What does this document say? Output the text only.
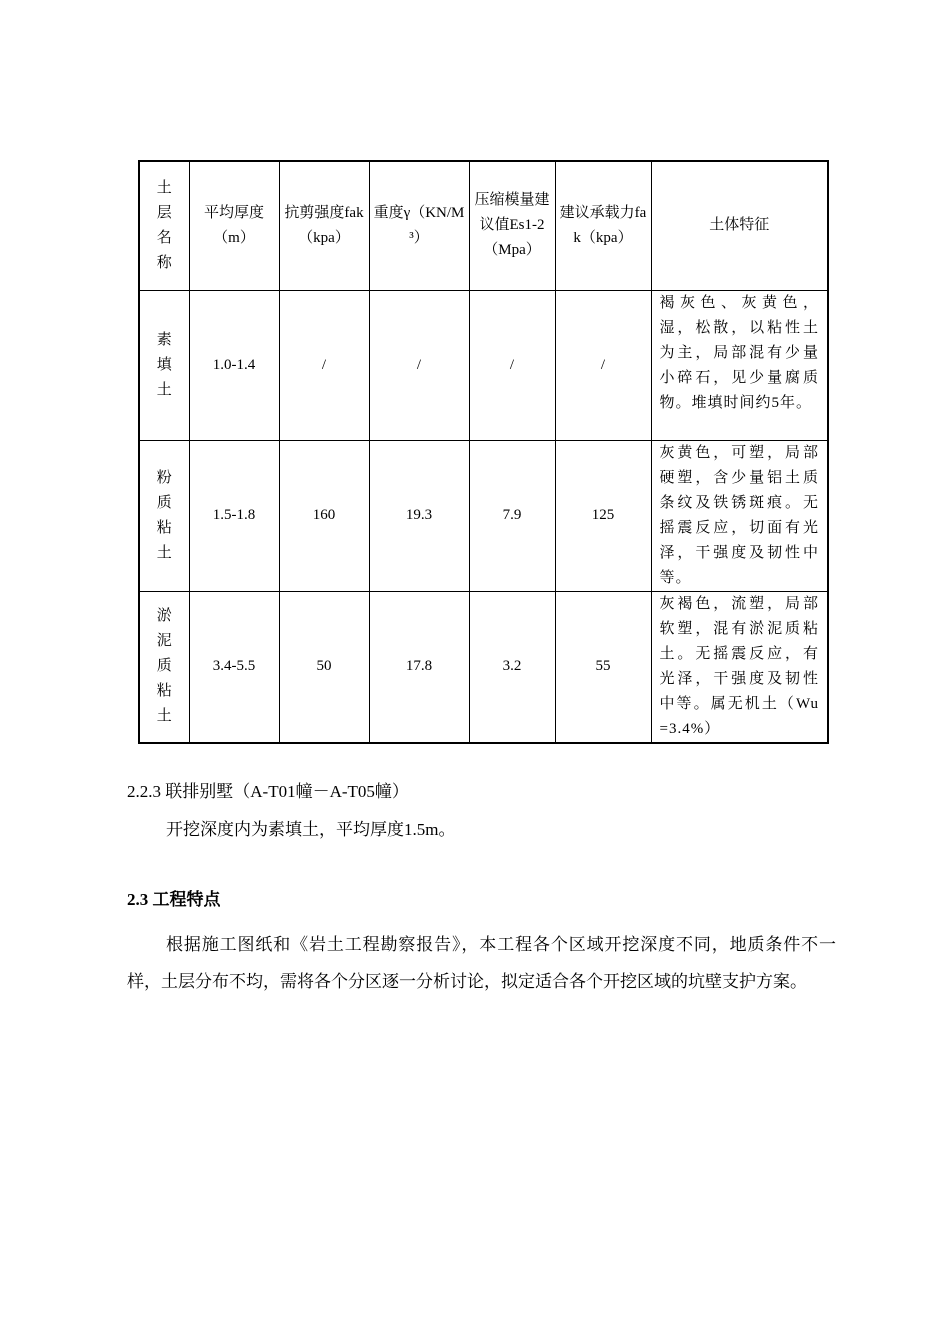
土层名称	平均厚度（m）	抗剪强度fak（kpa）	重度γ（KN/M³）	压缩模量建议值Es1-2（Mpa）	建议承载力fak（kpa）	土体特征
素填土	1.0-1.4	/	/	/	/	褐灰色、灰黄色，湿，松散，以粘性土为主，局部混有少量小碎石，见少量腐质物。堆填时间约5年。
粉质粘土	1.5-1.8	160	19.3	7.9	125	灰黄色，可塑，局部硬塑，含少量铝土质条纹及铁锈斑痕。无摇震反应，切面有光泽，干强度及韧性中等。
淤泥质粘土	3.4-5.5	50	17.8	3.2	55	灰褐色，流塑，局部软塑，混有淤泥质粘土。无摇震反应，有光泽，干强度及韧性中等。属无机土（Wu=3.4%）

2.2.3 联排别墅（A-T01幢－A-T05幢）

开挖深度内为素填土，平均厚度1.5m。

2.3 工程特点

根据施工图纸和《岩土工程勘察报告》，本工程各个区域开挖深度不同，地质条件不一样，土层分布不均，需将各个分区逐一分析讨论，拟定适合各个开挖区域的坑壁支护方案。
